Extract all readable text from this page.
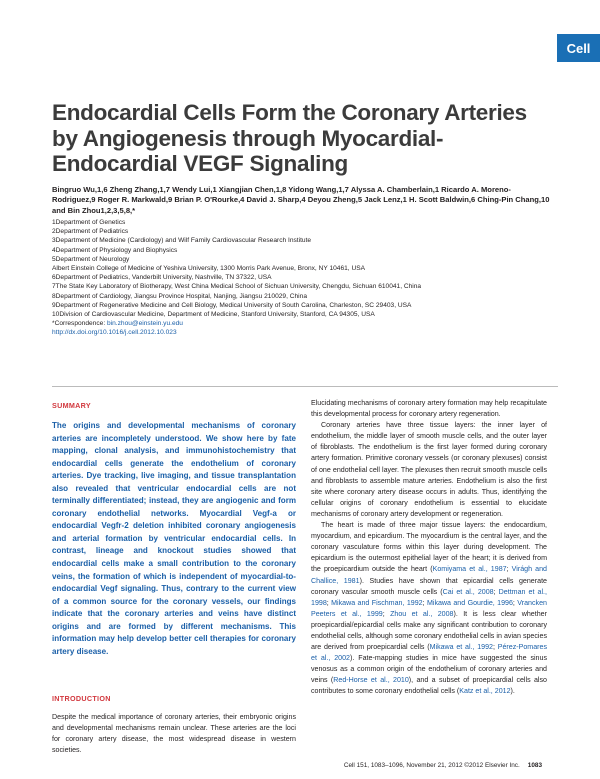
Cell
Endocardial Cells Form the Coronary Arteries by Angiogenesis through Myocardial-Endocardial VEGF Signaling
Bingruo Wu,1,6 Zheng Zhang,1,7 Wendy Lui,1 Xiangjian Chen,1,8 Yidong Wang,1,7 Alyssa A. Chamberlain,1 Ricardo A. Moreno-Rodriguez,9 Roger R. Markwald,9 Brian P. O'Rourke,4 David J. Sharp,4 Deyou Zheng,5 Jack Lenz,1 H. Scott Baldwin,6 Ching-Pin Chang,10 and Bin Zhou1,2,3,5,8,*
1Department of Genetics
2Department of Pediatrics
3Department of Medicine (Cardiology) and Wilf Family Cardiovascular Research Institute
4Department of Physiology and Biophysics
5Department of Neurology
Albert Einstein College of Medicine of Yeshiva University, 1300 Morris Park Avenue, Bronx, NY 10461, USA
6Department of Pediatrics, Vanderbilt University, Nashville, TN 37322, USA
7The State Key Laboratory of Biotherapy, West China Medical School of Sichuan University, Chengdu, Sichuan 610041, China
8Department of Cardiology, Jiangsu Province Hospital, Nanjing, Jiangsu 210029, China
9Department of Regenerative Medicine and Cell Biology, Medical University of South Carolina, Charleston, SC 29403, USA
10Division of Cardiovascular Medicine, Department of Medicine, Stanford University, Stanford, CA 94305, USA
*Correspondence: bin.zhou@einstein.yu.edu
http://dx.doi.org/10.1016/j.cell.2012.10.023
SUMMARY
The origins and developmental mechanisms of coronary arteries are incompletely understood. We show here by fate mapping, clonal analysis, and immunohistochemistry that endocardial cells generate the endothelium of coronary arteries. Dye tracking, live imaging, and tissue transplantation also revealed that ventricular endocardial cells are not terminally differentiated; instead, they are angiogenic and form coronary endothelial networks. Myocardial Vegf-a or endocardial Vegfr-2 deletion inhibited coronary angiogenesis and arterial formation by ventricular endocardial cells. In contrast, lineage and knockout studies showed that endocardial cells make a small contribution to the coronary veins, the formation of which is independent of myocardial-to-endocardial Vegf signaling. Thus, contrary to the current view of a common source for the coronary vessels, our findings indicate that the coronary arteries and veins have distinct origins and are formed by different mechanisms. This information may help develop better cell therapies for coronary artery disease.
INTRODUCTION
Despite the medical importance of coronary arteries, their embryonic origins and developmental mechanisms remain unclear. These arteries are the loci for coronary artery disease, the most widespread disease in western societies.

Elucidating mechanisms of coronary artery formation may help recapitulate this developmental process for coronary artery regeneration.

Coronary arteries have three tissue layers: the inner layer of endothelium, the middle layer of smooth muscle cells, and the outer layer of fibroblasts. The endothelium is the first layer formed during coronary artery formation. Primitive coronary vessels (or coronary plexuses) consist of one endothelial cell layer. The plexuses then recruit smooth muscle cells and fibroblasts to assemble mature arteries. Endothelium is also the first site where coronary artery disease occurs in adults. Thus, identifying the cellular origins of coronary endothelium is essential to elucidate mechanisms of coronary artery development or regeneration.

The heart is made of three major tissue layers: the endocardium, myocardium, and epicardium. The myocardium is the central layer, and the coronary vasculature forms within this layer during development. The epicardium is the outermost epithelial layer of the heart; it is derived from the proepicardium outside the heart (Komiyama et al., 1987; Virágh and Challice, 1981). Studies have shown that epicardial cells generate coronary vascular smooth muscle cells (Cai et al., 2008; Dettman et al., 1998; Mikawa and Fischman, 1992; Mikawa and Gourdie, 1996; Vrancken Peeters et al., 1999; Zhou et al., 2008). It is less clear whether proepicardial/epicardial cells make any significant contribution to coronary endothelial cells, although some coronary endothelial cells in avian species are derived from proepicardial cells (Mikawa et al., 1992; Pérez-Pomares et al., 2002). Fate-mapping studies in mice have suggested the sinus venosus as a common origin of the endothelium of coronary arteries and veins (Red-Horse et al., 2010), and a subset of proepicardial cells also contributes to some coronary endothelial cells (Katz et al., 2012).

Cell 151, 1083–1096, November 21, 2012 ©2012 Elsevier Inc. 1083
